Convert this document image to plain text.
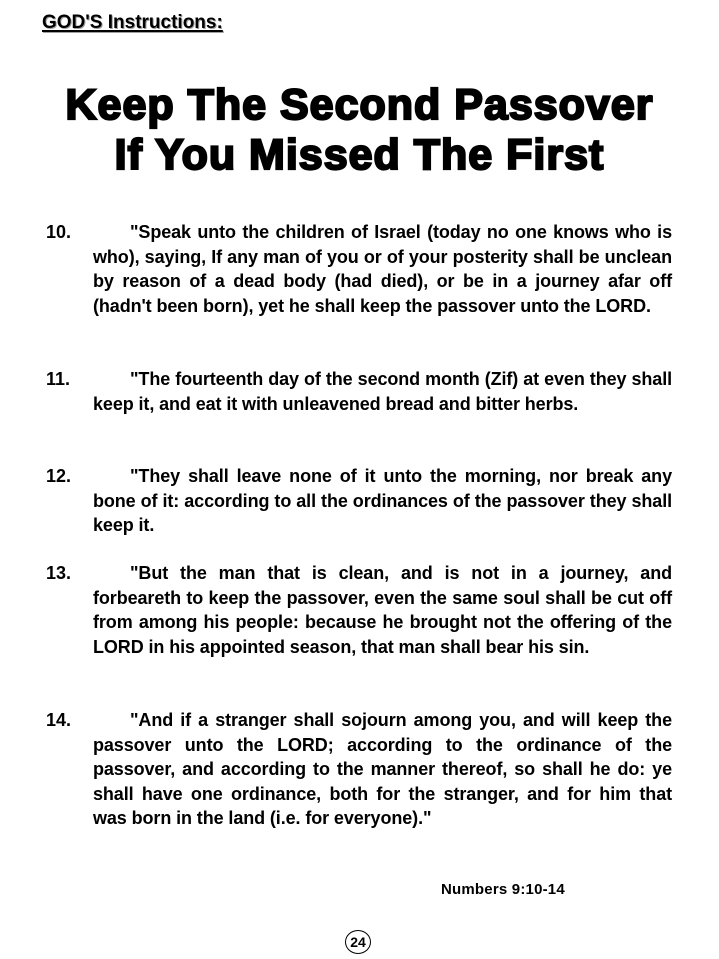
GOD'S Instructions:
Keep The Second Passover
If You Missed The First
10.	"Speak unto the children of Israel (today no one knows who is who), saying, If any man of you or of your posterity shall be unclean by reason of a dead body (had died), or be in a journey afar off (hadn't been born), yet he shall keep the passover unto the LORD.
11.	"The fourteenth day of the second month (Zif) at even they shall keep it, and eat it with unleavened bread and bitter herbs.
12.	"They shall leave none of it unto the morning, nor break any bone of it: according to all the ordinances of the passover they shall keep it.
13.	"But the man that is clean, and is not in a journey, and forbeareth to keep the passover, even the same soul shall be cut off from among his people: because he brought not the offering of the LORD in his appointed season, that man shall bear his sin.
14.	"And if a stranger shall sojourn among you, and will keep the passover unto the LORD; according to the ordinance of the passover, and according to the manner thereof, so shall he do: ye shall have one ordinance, both for the stranger, and for him that was born in the land (i.e. for everyone)."
Numbers 9:10-14
24
